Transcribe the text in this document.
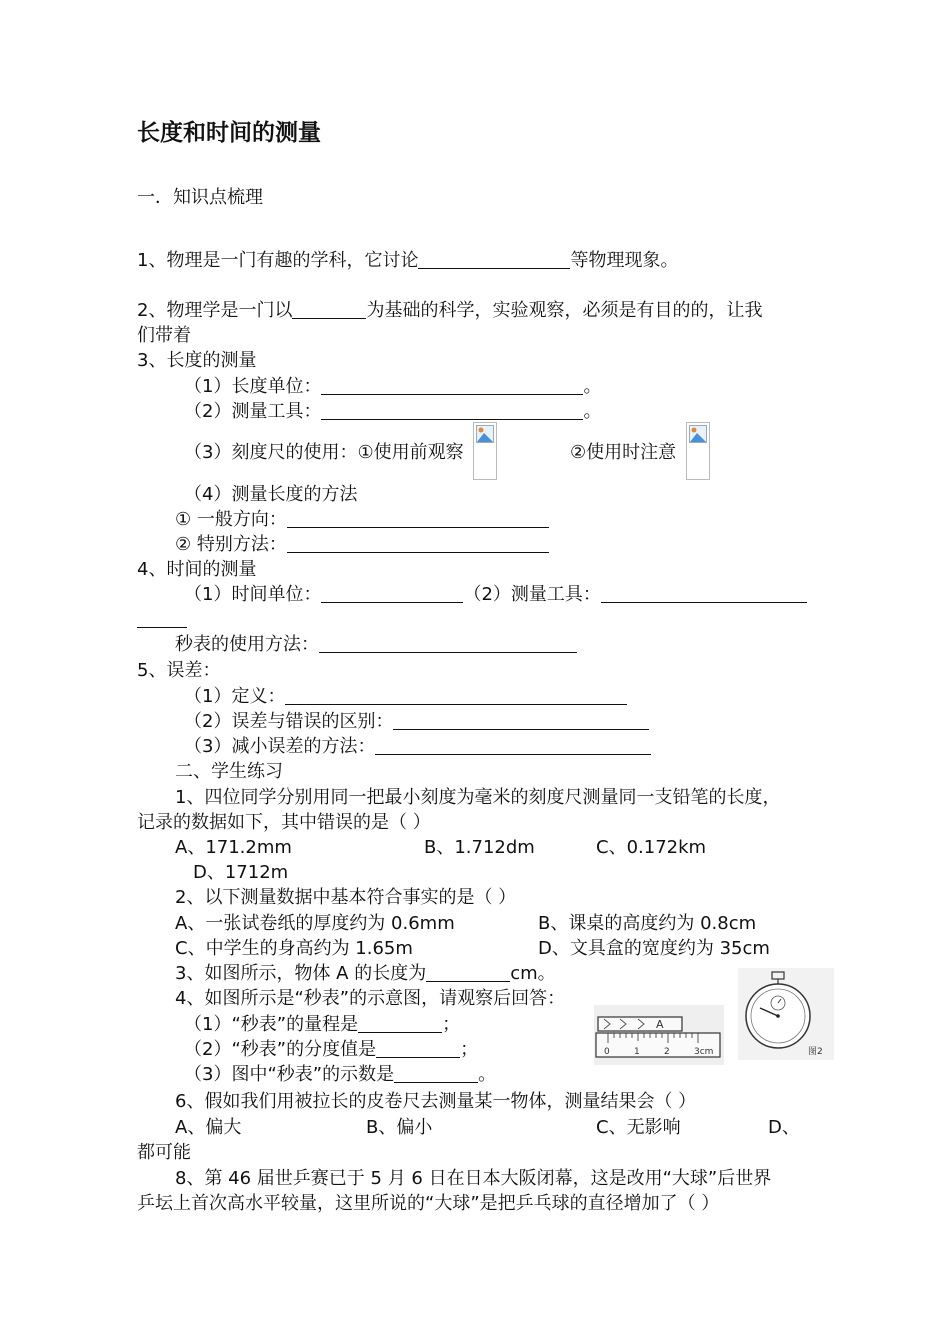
长度和时间的测量
一．知识点梳理
1、物理是一门有趣的学科，它讨论	等物理现象。
2、物理学是一门以	为基础的科学，实验观察，必须是有目的的，让我
们带着
3、长度的测量
（1）长度单位：	。
（2）测量工具：	。
（3）刻度尺的使用：①使用前观察	②使用时注意
（4）测量长度的方法
① 一般方向：
② 特别方法：
4、时间的测量
（1）时间单位：	（2）测量工具：
秒表的使用方法：
5、误差：
（1）定义：
（2）误差与错误的区别：
（3）减小误差的方法：
二、学生练习
1、四位同学分别用同一把最小刻度为毫米的刻度尺测量同一支铅笔的长度，
记录的数据如下，其中错误的是（ ）
A、171.2mm	B、1.712dm	C、0.172km
D、1712m
2、以下测量数据中基本符合事实的是（ ）
A、一张试卷纸的厚度约为 0.6mm	B、课桌的高度约为 0.8cm
C、中学生的身高约为 1.65m	D、文具盒的宽度约为 35cm
3、如图所示，物体 A 的长度为	cm。
4、如图所示是“秒表”的示意图，请观察后回答：
（1）“秒表”的量程是	；
（2）“秒表”的分度值是	；
（3）图中“秒表”的示数是	。
A
0	1	2	3cm	图2
6、假如我们用被拉长的皮卷尺去测量某一物体，测量结果会（ ）
A、偏大	B、偏小	C、无影响	D、
都可能
8、第 46 届世乒赛已于 5 月 6 日在日本大阪闭幕，这是改用“大球”后世界
乒坛上首次高水平较量，这里所说的“大球”是把乒乓球的直径增加了（ ）
